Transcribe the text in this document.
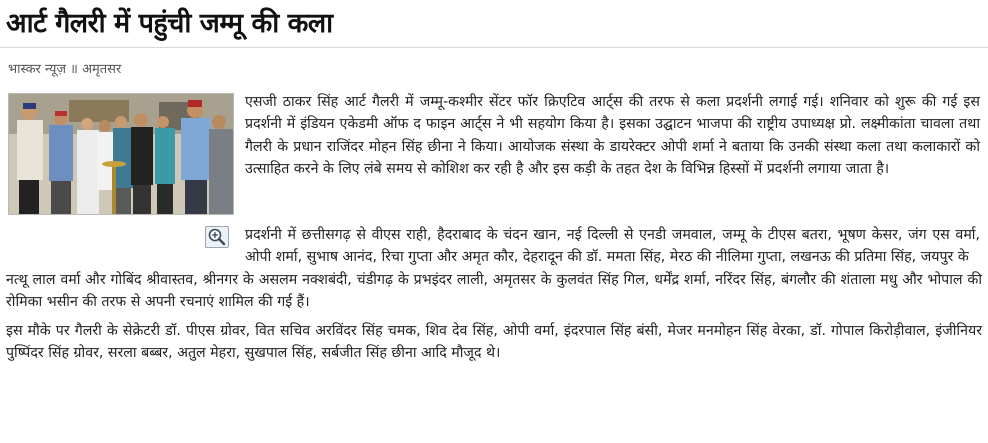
आर्ट गैलरी में पहुंची जम्मू की कला
भास्कर न्यूज़ ॥ अमृतसर

एसजी ठाकर सिंह आर्ट गैलरी में जम्मू-कश्मीर सेंटर फॉर क्रिएटिव आर्ट्स की तरफ से कला प्रदर्शनी लगाई गई। शनिवार को शुरू की गई इस प्रदर्शनी में इंडियन एकेडमी ऑफ द फाइन आर्ट्स ने भी सहयोग किया है। इसका उद्घाटन भाजपा की राष्ट्रीय उपाध्यक्ष प्रो. लक्ष्मीकांता चावला तथा गैलरी के प्रधान राजिंदर मोहन सिंह छीना ने किया। आयोजक संस्था के डायरेक्टर ओपी शर्मा ने बताया कि उनकी संस्था कला तथा कलाकारों को उत्साहित करने के लिए लंबे समय से कोशिश कर रही है और इस कड़ी के तहत देश के विभिन्न हिस्सों में प्रदर्शनी लगाया जाता है।

प्रदर्शनी में छत्तीसगढ़ से वीएस राही, हैदराबाद के चंदन खान, नई दिल्ली से एनडी जमवाल, जम्मू के टीएस बतरा, भूषण केसर, जंग एस वर्मा, ओपी शर्मा, सुभाष आनंद, रिचा गुप्ता और अमृत कौर, देहरादून की डॉ. ममता सिंह, मेरठ की नीलिमा गुप्ता, लखनऊ की प्रतिमा सिंह, जयपुर के

इस मौके पर गैलरी के सेक्रेटरी डॉ. पीएस ग्रोवर, वित सचिव अरविंदर सिंह चमक, शिव देव सिंह, ओपी वर्मा, इंदरपाल सिंह बंसी, मेजर मनमोहन सिंह वेरका, डॉ. गोपाल किरोड़ीवाल, इंजीनियर पुष्पिंदर सिंह ग्रोवर, सरला बब्बर, अतुल मेहरा, सुखपाल सिंह, सर्बजीत सिंह छीना आदि मौजूद थे।

नत्थू लाल वर्मा और गोबिंद श्रीवास्तव, श्रीनगर के असलम नक्शबंदी, चंडीगढ़ के प्रभइंदर लाली, अमृतसर के कुलवंत सिंह गिल, धर्मेंद्र शर्मा, नरिंदर सिंह, बंगलौर की शंताला मधु और भोपाल की रोमिका भसीन की तरफ से अपनी रचनाएं शामिल की गई हैं।
